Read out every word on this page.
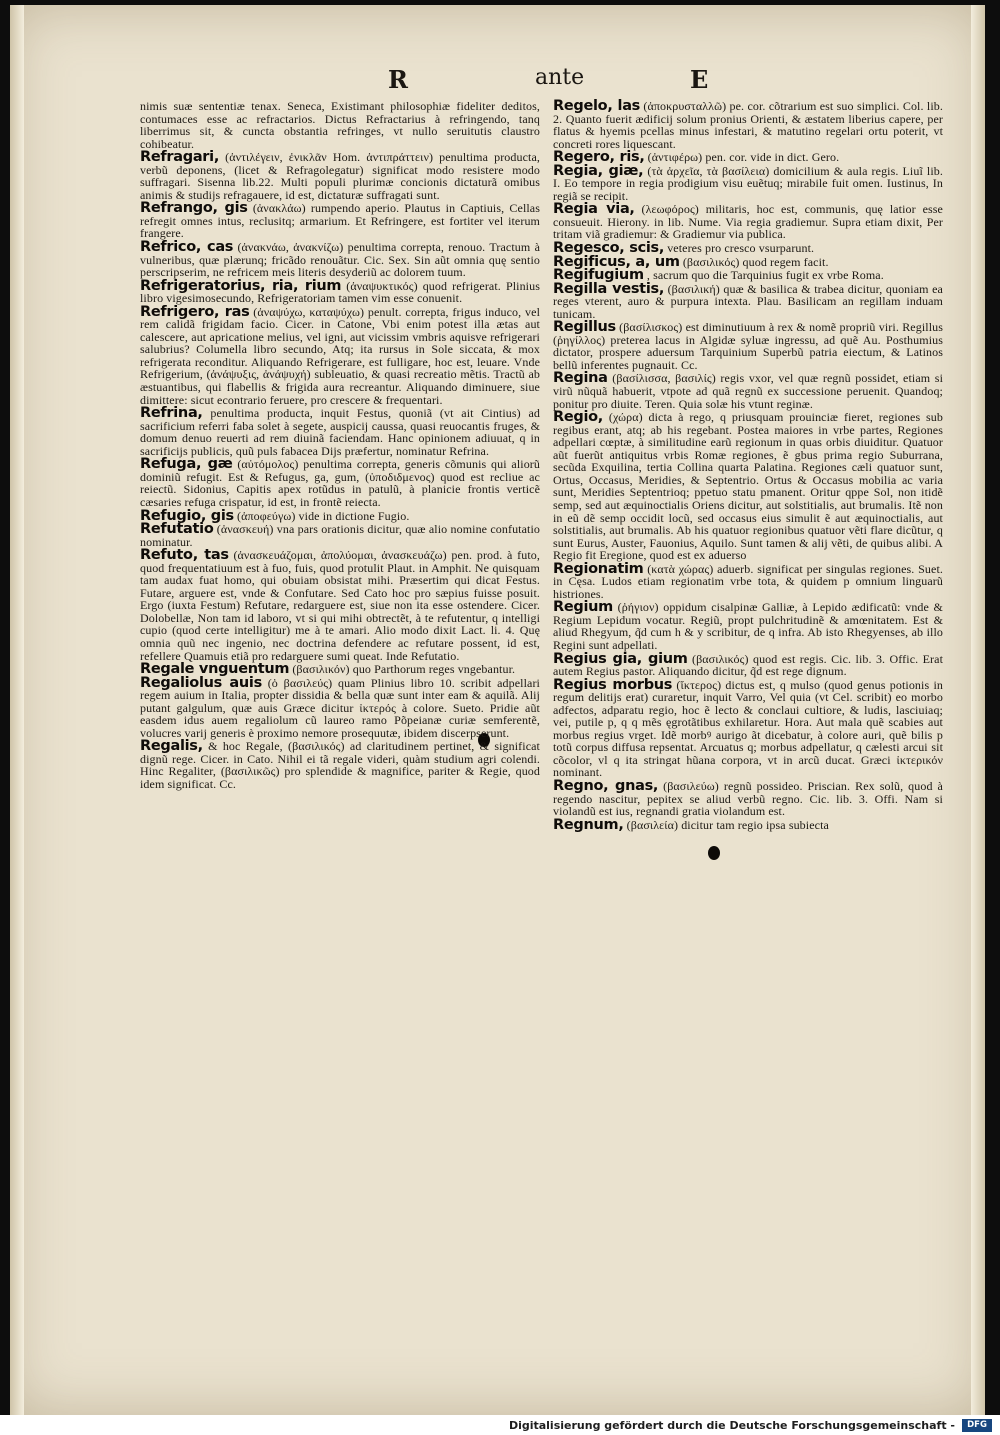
R	ante	E
nimis suæ sententiæ tenax. Seneca, Existimant philosophiæ fideliter deditos, contumaces esse ac refractarios. Dictus Refractarius à refringendo, tanq liberrimus sit, & cuncta obstantia refringes, vt nullo seruitutis claustro cohibeatur.
Refragari, (ἀντιλέγειν, ἐνικλᾶν Hom. ἀντιπράττειν) penultima producta, verbũ deponens, (licet & Refragolegatur) significat modo resistere modo suffragari. Sisenna lib.22. Multi populi plurimæ concionis dictaturã omibus animis & studijs refragauere, id est, dictaturæ suffragati sunt.
Refrango, gis (ἀνακλάω) rumpendo aperio. Plautus in Captiuis, Cellas refregit omnes intus, reclusitq; armarium. Et Refringere, est fortiter vel iterum frangere.
Refrico, cas (ἀνακνάω, ἀνακνίζω) penultima correpta, renouo. Tractum à vulneribus, quæ plærunq; fricãdo renouãtur. Cic. Sex. Sin aũt omnia quę sentio perscripserim, ne refricem meis literis desyderiũ ac dolorem tuum.
Refrigeratorius, ria, rium (ἀναψυκτικός) quod refrigerat. Plinius libro vigesimosecundo, Refrigeratoriam tamen vim esse conuenit.
Refrigero, ras (ἀναψύχω, καταψύχω) penult. correpta, frigus induco, vel rem calidã frigidam facio. Cicer. in Catone, Vbi enim potest illa ætas aut calescere, aut apricatione melius, vel igni, aut vicissim vmbris aquisve refrigerari salubrius? Columella libro secundo, Atq; ita rursus in Sole siccata, & mox refrigerata reconditur. Aliquando Refrigerare, est fulligare, hoc est, leuare. Vnde Refrigerium, (ἀνάψυξις, ἀνάψυχή) subleuatio, & quasi recreatio mẽtis. Tractũ ab æstuantibus, qui flabellis & frigida aura recreantur. Aliquando diminuere, siue dimittere: sicut econtrario feruere, pro crescere & frequentari.
Refrina, penultima producta, inquit Festus, quoniã (vt ait Cintius) ad sacrificium referri faba solet à segete, auspicij caussa, quasi reuocantis fruges, & domum denuo reuerti ad rem diuinã faciendam. Hanc opinionem adiuuat, q in sacrificijs publicis, quũ puls fabacea Dijs præfertur, nominatur Refrina.
Refuga, gæ (αὐτόμολος) penultima correpta, generis cõmunis qui aliorũ dominiũ refugit. Est & Refugus, ga, gum, (ὑποδιδμενος) quod est recliue ac reiectũ. Sidonius, Capitis apex rotũdus in patulũ, à planicie frontis verticẽ cæsaries refuga crispatur, id est, in frontẽ reiecta.
Refugio, gis (ἀποφεύγω) vide in dictione Fugio.
Refutatio (ἀνασκευή) vna pars orationis dicitur, quæ alio nomine confutatio nominatur.
Refuto, tas (ἀνασκευάζομαι, ἀπολύομαι, ἀνασκευάζω) pen. prod. à futo, quod frequentatiuum est à fuo, fuis, quod protulit Plaut. in Amphit. Ne quisquam tam audax fuat homo, qui obuiam obsistat mihi. Præsertim qui dicat Festus. Futare, arguere est, vnde & Confutare. Sed Cato hoc pro sæpius fuisse posuit. Ergo (iuxta Festum) Refutare, redarguere est, siue non ita esse ostendere. Cicer. Dolobellæ, Non tam id laboro, vt si qui mihi obtrectẽt, à te refutentur, q intelligi cupio (quod certe intelligitur) me à te amari. Alio modo dixit Lact. li. 4. Quę omnia quũ nec ingenio, nec doctrina defendere ac refutare possent, id est, refellere Quamuis etiã pro redarguere sumi queat. Inde Refutatio.
Regale vnguentum (βασιλικόν) quo Parthorum reges vngebantur.
Regaliolus auis (ὁ βασιλεύς) quam Plinius libro 10. scribit adpellari regem auium in Italia, propter dissidia & bella quæ sunt inter eam & aquilã. Alij putant galgulum, quæ auis Græce dicitur ἰκτερός à colore. Sueto. Pridie aũt easdem idus auem regaliolum cũ laureo ramo Põpeianæ curiæ semferentẽ, volucres varij generis è proximo nemore prosequutæ, ibidem discerpserunt.
Regalis, & hoc Regale, (βασιλικός) ad claritudinem pertinet, & significat dignũ rege. Cicer. in Cato. Nihil ei tã regale videri, quàm studium agri colendi. Hinc Regaliter, (βασιλικῶς) pro splendide & magnifice, pariter & Regie, quod idem significat. Cc.
Regelo, las (ἀποκρυσταλλῶ) pe. cor. cõtrarium est suo simplici. Col. lib. 2. Quanto fuerit ædificij solum pronius Orienti, & æstatem liberius capere, per flatus & hyemis pcellas minus infestari, & matutino regelari ortu poterit, vt concreti rores liquescant.
Regero, ris, (ἀντιφέρω) pen. cor. vide in dict. Gero.
Regia, giæ, (τὰ ἀρχεῖα, τὰ βασίλεια) domicilium & aula regis. Liuĩ lib. I. Eo tempore in regia prodigium visu euẽtuq; mirabile fuit omen. Iustinus, In regiã se recipit.
Regia via, (λεωφόρος) militaris, hoc est, communis, quę latior esse consueuit. Hierony. in lib. Nume. Via regia gradiemur. Supra etiam dixit, Per tritam viã gradiemur: & Gradiemur via publica.
Regesco, scis, veteres pro cresco vsurparunt.
Regificus, a, um (βασιλικός) quod regem facit.
Regifugium , sacrum quo die Tarquinius fugit ex vrbe Roma.
Regilla vestis, (βασιλική) quæ & basilica & trabea dicitur, quoniam ea reges vterent, auro & purpura intexta. Plau. Basilicam an regillam induam tunicam.
Regillus (βασίλισκος) est diminutiuum à rex & nomẽ propriũ viri. Regillus (ῥηγίλλος) preterea lacus in Algidæ syluæ ingressu, ad quẽ Au. Posthumius dictator, prospere aduersum Tarquinium Superbũ patria eiectum, & Latinos bellũ inferentes pugnauit. Cc.
Regina (βασίλισσα, βασιλίς) regis vxor, vel quæ regnũ possidet, etiam si virũ nũquã habuerit, vtpote ad quã regnũ ex successione peruenit. Quandoq; ponitur pro diuite. Teren. Quia solæ his vtunt reginæ.
Regio, (χώρα) dicta à rego, q priusquam prouinciæ fieret, regiones sub regibus erant, atq; ab his regebant. Postea maiores in vrbe partes, Regiones adpellari cœptæ, à similitudine earũ regionum in quas orbis diuiditur. Quatuor aũt fuerũt antiquitus vrbis Romæ regiones, ẽ gbus prima regio Suburrana, secũda Exquilina, tertia Collina quarta Palatina. Regiones cæli quatuor sunt, Ortus, Occasus, Meridies, & Septentrio. Ortus & Occasus mobilia ac varia sunt, Meridies Septentrioq; ppetuo statu pmanent. Oritur qppe Sol, non itidẽ semp, sed aut æquinoctialis Oriens dicitur, aut solstitialis, aut brumalis. Itẽ non in eũ dẽ semp occidit locũ, sed occasus eius simulit ẽ aut æquinoctialis, aut solstitialis, aut brumalis. Ab his quatuor regionibus quatuor vẽti flare dicũtur, q sunt Eurus, Auster, Fauonius, Aquilo. Sunt tamen & alij vẽti, de quibus alibi. A Regio fit Eregione, quod est ex aduerso
Regionatim (κατὰ χώρας) aduerb. significat per singulas regiones. Suet. in Cęsa. Ludos etiam regionatim vrbe tota, & quidem p omnium linguarũ histriones.
Regium (ῥήγιον) oppidum cisalpinæ Galliæ, à Lepido ædificatũ: vnde & Regium Lepidum vocatur. Regiũ, propt pulchritudinẽ & amœnitatem. Est & aliud Rhegyum, q̃d cum h & y scribitur, de q infra. Ab isto Rhegyenses, ab illo Regini sunt adpellati.
Regius gia, gium (βασιλικός) quod est regis. Cic. lib. 3. Offic. Erat autem Regius pastor. Aliquando dicitur, q̃d est rege dignum.
Regius morbus (ἴκτερος) dictus est, q mulso (quod genus potionis in regum delitijs erat) curaretur, inquit Varro, Vel quia (vt Cel. scribit) eo morbo adfectos, adparatu regio, hoc ẽ lecto & conclaui cultiore, & ludis, lasciuiaq; vei, putile p, q q mẽs ęgrotãtibus exhilaretur. Hora. Aut mala quẽ scabies aut morbus regius vrget. Idẽ morbꝰ aurigo ãt dicebatur, à colore auri, quẽ bilis p totũ corpus diffusa repsentat. Arcuatus q; morbus adpellatur, q cælesti arcui sit cõcolor, vl q ita stringat hũana corpora, vt in arcũ ducat. Græci ἰκτερικόν nominant.
Regno, gnas, (βασιλεύω) regnũ possideo. Priscian. Rex solũ, quod à regendo nascitur, pepitex se aliud verbũ regno. Cic. lib. 3. Offi. Nam si violandũ est ius, regnandi gratia violandum est.
Regnum, (βασιλεία) dicitur tam regio ipsa subiecta
Digitalisierung gefördert durch die Deutsche Forschungsgemeinschaft -	DFG
